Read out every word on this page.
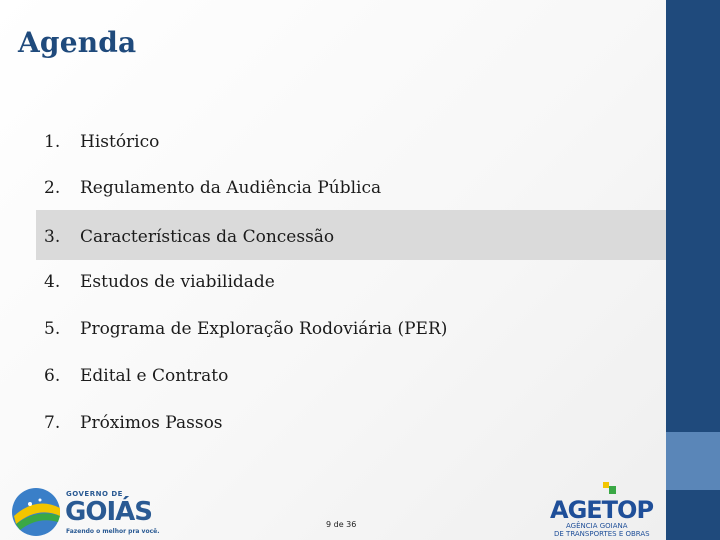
Agenda
1. Histórico
2. Regulamento da Audiência Pública
3. Características da Concessão
4. Estudos de viabilidade
5. Programa de Exploração Rodoviária (PER)
6. Edital e Contrato
7. Próximos Passos
GOVERNO DE
GOIÁS
Fazendo o melhor pra você.
9 de 36
AGETOP
AGÊNCIA GOIANA
DE TRANSPORTES E OBRAS
